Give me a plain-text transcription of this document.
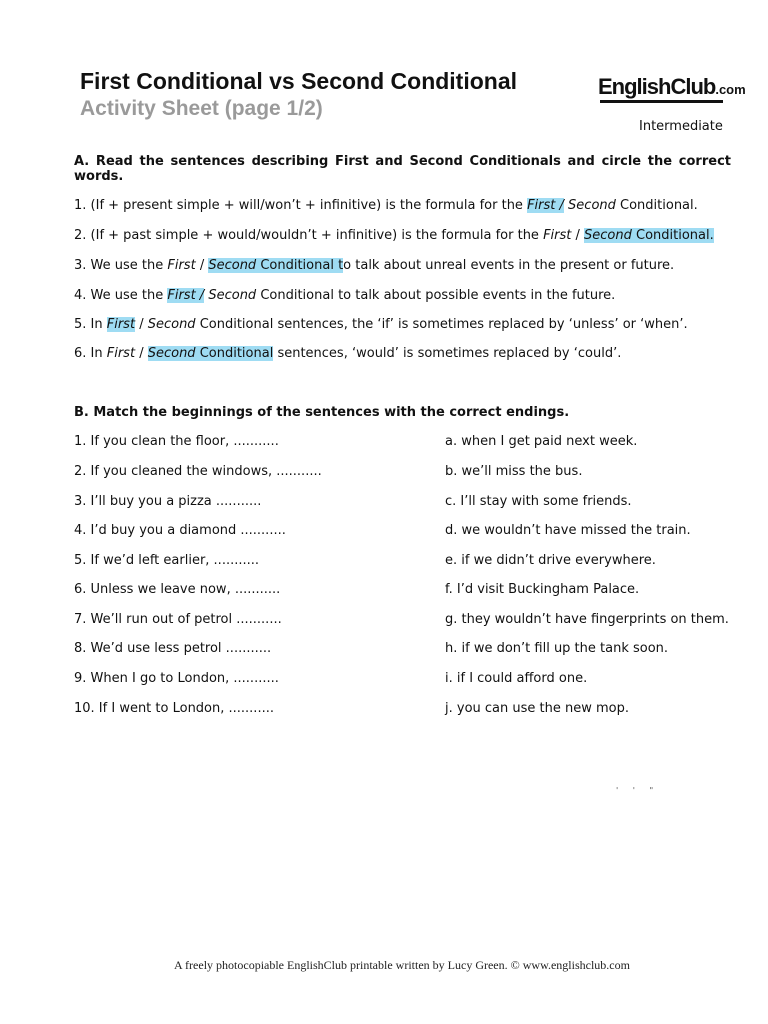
First Conditional vs Second Conditional
Activity Sheet (page 1/2)
EnglishClub.com
Intermediate
A. Read the sentences describing First and Second Conditionals and circle the correct words.
1. (If + present simple + will/won’t + infinitive) is the formula for the First / Second Conditional.
2. (If + past simple + would/wouldn’t + infinitive) is the formula for the First / Second Conditional.
3. We use the First / Second Conditional to talk about unreal events in the present or future.
4. We use the First / Second Conditional to talk about possible events in the future.
5. In First / Second Conditional sentences, the ‘if’ is sometimes replaced by ‘unless’ or ‘when’.
6. In First / Second Conditional sentences, ‘would’ is sometimes replaced by ‘could’.
B. Match the beginnings of the sentences with the correct endings.
1. If you clean the floor, ...........
2. If you cleaned the windows, ...........
3. I’ll buy you a pizza ...........
4. I’d buy you a diamond ...........
5. If we’d left earlier, ...........
6. Unless we leave now, ...........
7. We’ll run out of petrol ...........
8. We’d use less petrol ...........
9. When I go to London, ...........
10. If I went to London, ...........
a. when I get paid next week.
b. we’ll miss the bus.
c. I’ll stay with some friends.
d. we wouldn’t have missed the train.
e. if we didn’t drive everywhere.
f. I’d visit Buckingham Palace.
g. they wouldn’t have fingerprints on them.
h. if we don’t fill up the tank soon.
i. if I could afford one.
j. you can use the new mop.
' ' "
A freely photocopiable EnglishClub printable written by Lucy Green. © www.englishclub.com
